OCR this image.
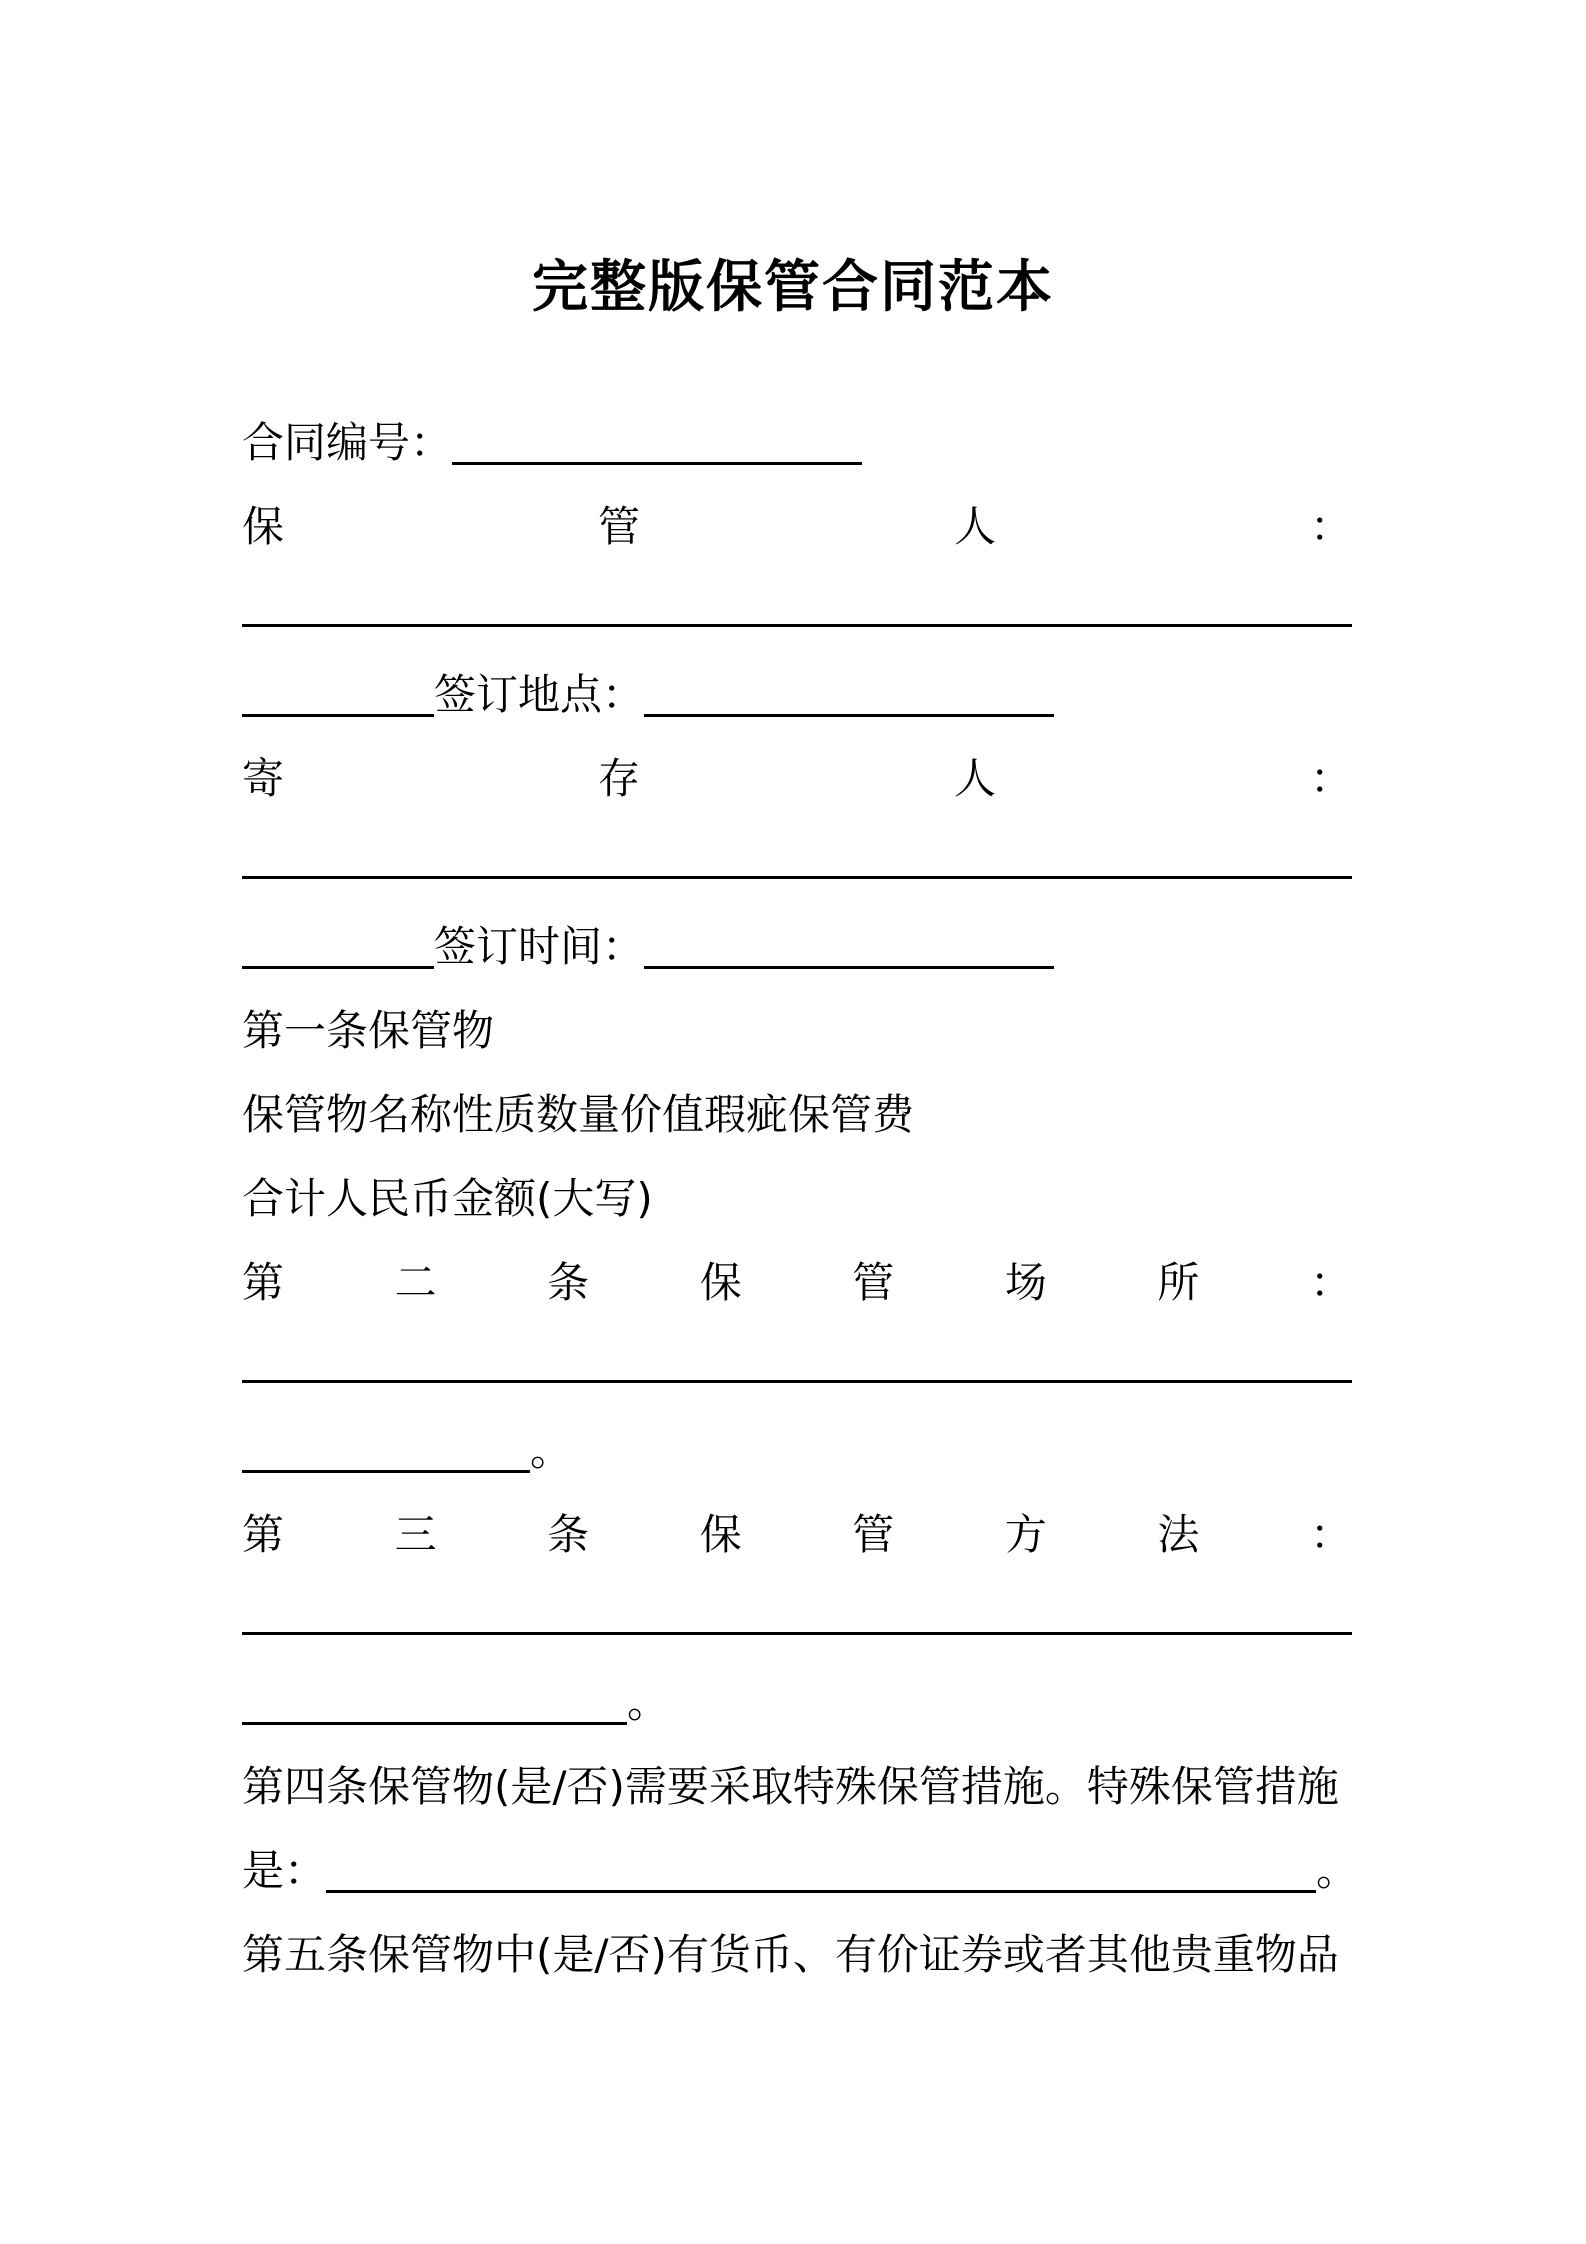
完整版保管合同范本
合同编号：
保	管	人	：
签订地点：
寄	存	人	：
签订时间：
第一条保管物
保管物名称性质数量价值瑕疵保管费
合计人民币金额(大写)
第	二	条	保	管	场	所	：
。
第	三	条	保	管	方	法	：
。
第四条保管物(是/否)需要采取特殊保管措施。特殊保管措施
是：	。
第五条保管物中(是/否)有货币、有价证券或者其他贵重物品
